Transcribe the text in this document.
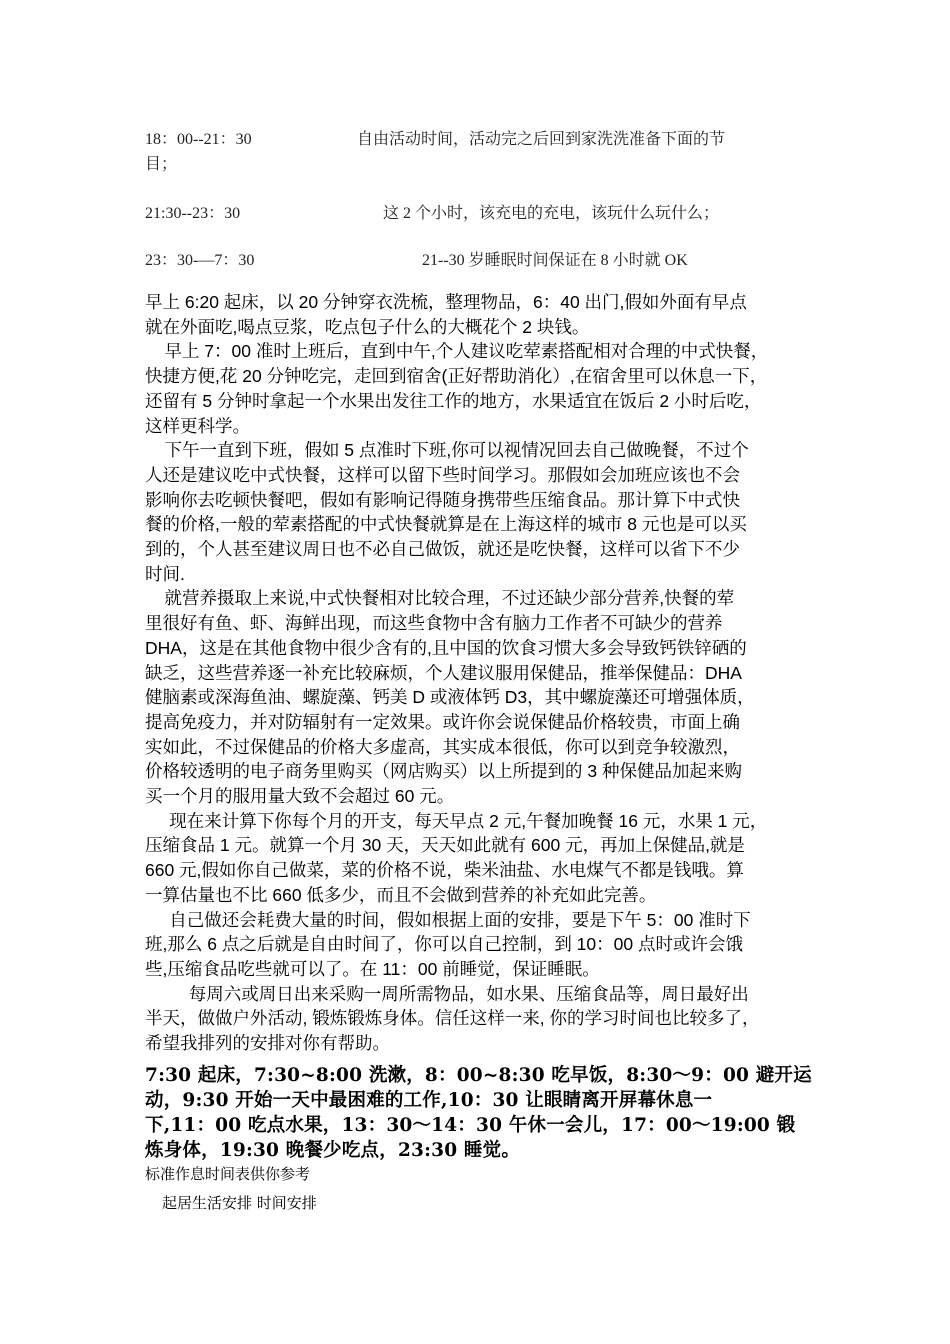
18：00--21：30	自由活动时间，活动完之后回到家洗洗准备下面的节
目；
21:30--23：30	这 2 个小时，该充电的充电，该玩什么玩什么；
23：30-—7：30	21--30 岁睡眠时间保证在 8 小时就 OK
早上 6:20 起床，以 20 分钟穿衣洗梳，整理物品，6：40 出门,假如外面有早点
就在外面吃,喝点豆浆，吃点包子什么的大概花个 2 块钱。
早上 7：00 准时上班后，直到中午,个人建议吃荤素搭配相对合理的中式快餐，
快捷方便,花 20 分钟吃完，走回到宿舍(正好帮助消化）,在宿舍里可以休息一下，
还留有 5 分钟时拿起一个水果出发往工作的地方，水果适宜在饭后 2 小时后吃，
这样更科学。
下午一直到下班，假如 5 点准时下班,你可以视情况回去自己做晚餐，不过个
人还是建议吃中式快餐，这样可以留下些时间学习。那假如会加班应该也不会
影响你去吃顿快餐吧，假如有影响记得随身携带些压缩食品。那计算下中式快
餐的价格,一般的荤素搭配的中式快餐就算是在上海这样的城市 8 元也是可以买
到的，个人甚至建议周日也不必自己做饭，就还是吃快餐，这样可以省下不少
时间.
就营养摄取上来说,中式快餐相对比较合理，不过还缺少部分营养,快餐的荤
里很好有鱼、虾、海鲜出现，而这些食物中含有脑力工作者不可缺少的营养
DHA，这是在其他食物中很少含有的,且中国的饮食习惯大多会导致钙铁锌硒的
缺乏，这些营养逐一补充比较麻烦，个人建议服用保健品，推举保健品：DHA
健脑素或深海鱼油、螺旋藻、钙美 D 或液体钙 D3，其中螺旋藻还可增强体质，
提高免疫力，并对防辐射有一定效果。或许你会说保健品价格较贵，市面上确
实如此，不过保健品的价格大多虚高，其实成本很低，你可以到竞争较激烈，
价格较透明的电子商务里购买（网店购买）以上所提到的 3 种保健品加起来购
买一个月的服用量大致不会超过 60 元。
现在来计算下你每个月的开支，每天早点 2 元,午餐加晚餐 16 元，水果 1 元，
压缩食品 1 元。就算一个月 30 天，天天如此就有 600 元，再加上保健品,就是
660 元,假如你自己做菜，菜的价格不说，柴米油盐、水电煤气不都是钱哦。算
一算估量也不比 660 低多少，而且不会做到营养的补充如此完善。
自己做还会耗费大量的时间，假如根据上面的安排，要是下午 5：00 准时下
班,那么 6 点之后就是自由时间了，你可以自己控制，到 10：00 点时或许会饿
些,压缩食品吃些就可以了。在 11：00 前睡觉，保证睡眠。
每周六或周日出来采购一周所需物品，如水果、压缩食品等，周日最好出
半天，做做户外活动, 锻炼锻炼身体。信任这样一来, 你的学习时间也比较多了，
希望我排列的安排对你有帮助。
7:30 起床，7:30~8:00 洗漱，8：00~8:30 吃早饭，8:30～9：00 避开运
动，9:30 开始一天中最困难的工作,10：30 让眼睛离开屏幕休息一
下,11：00 吃点水果，13：30～14：30 午休一会儿，17：00～19:00 锻
炼身体，19:30 晚餐少吃点，23:30 睡觉。
标准作息时间表供你参考
起居生活安排 时间安排
